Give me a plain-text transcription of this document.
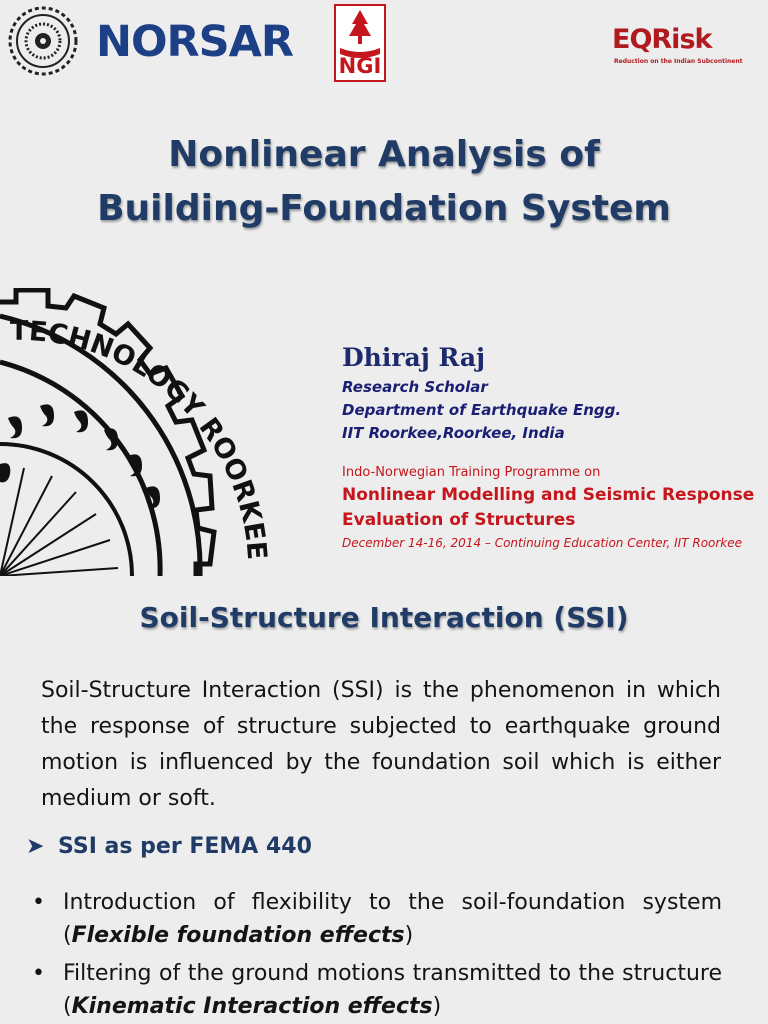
NORSAR NGI
EQRisk
Reduction on the Indian Subcontinent
Nonlinear Analysis of
Building-Foundation System
TECHNOLOGY ROORKEE
Dhiraj Raj
Research Scholar
Department of Earthquake Engg.
IIT Roorkee,Roorkee, India
Indo-Norwegian Training Programme on
Nonlinear Modelling and Seismic Response
Evaluation of Structures
December 14-16, 2014 – Continuing Education Center, IIT Roorkee
Soil-Structure Interaction (SSI)

Soil-Structure Interaction (SSI) is the phenomenon in which the response of structure subjected to earthquake ground motion is influenced by the foundation soil which is either medium or soft.

➤ SSI as per FEMA 440
• Introduction of flexibility to the soil-foundation system (Flexible foundation effects)
• Filtering of the ground motions transmitted to the structure (Kinematic Interaction effects)
